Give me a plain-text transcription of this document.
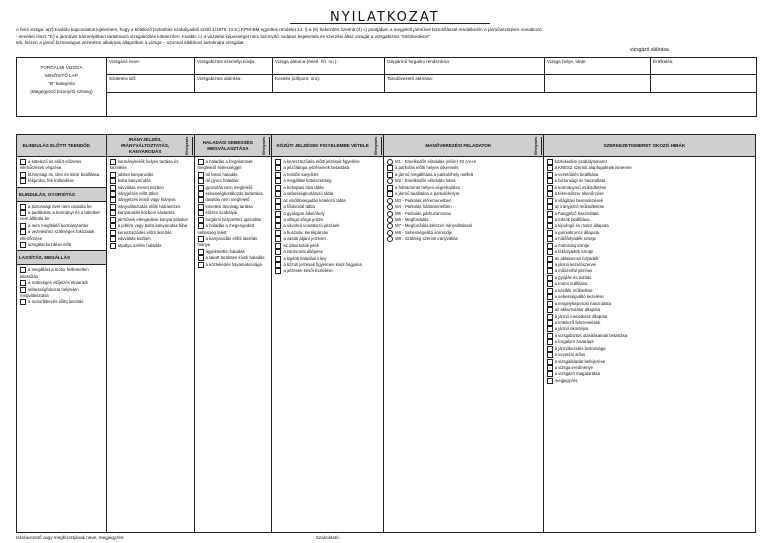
NYILATKOZAT
A fenti vizsga. a(z) további kapcsolatos kijelentem, hogy a kötelező biztosítás szabályaiból szóló 1/1975. (II.5.) KPM-BM együttes rendelet 14. §-a (5) bekezdés szerinti (4) c) pontjában a megjelölt járművel biztosítással rendelkezik. A járművezetésre vonatkozó
- elméleti részt: "E) a járművet bármelyikben tartalmazó vizsgaközlés kötelezően, tovább. c) a vezetési képességet nem bizonyító: tudatos bejelentés és szerzési által: vizsgát a vizsgabiztos "intézkedésre"
tek, hiszen a jármű biztonságos vezetésre alkalmas állapotban a vizsga – azonnal általános tartalmára vizsgálat
vizsgázó aláírása
FORGALMI VIZSGA
MINŐSÍTŐ LAP
"B" kategória
(Megegyező bizonyító szöveg)	Vizsgázó neve:	Vizsgabiztos személyi kódja:	Vizsga dátuma (éééé. hh. nn.):	Gépjármű forgalmi rendszáma:	Vizsga helye, ideje:	Értékelés:
	Születési idő:	Vizsgabiztos aláírása:	Kezdés (időpont, óra):	Tanulóvezető aláírása:		

ELINDULÁS ELŐTTI TEENDŐK
a kötelező és előírt előzetes ellenőrzések végzése
biztonsági öv, ülés és tükör beállítása
fékpróba, fék működése
ELINDULÁS, GYORSÍTÁS
a biztonsági övet nem csatolta be
a pedálokat, a kormányt és a tükröket nem állította be
a nem megfelelő kormánytartás
a vezetéshez szükséges fokozatok ellenőrzése
vizsgálat kezdése előtt
LASSÍTÁS, MEGÁLLÁS
a megállást a motor kellemetlen lelassítás
a szükséges előjelzés elmaradt
sebességfokozat helytelen megválasztása
a motorfékezés előtti lassítás
IRÁNYJELZÉS, IRÁNYVÁLTOZTATÁS, KANYARODÁS	Elhelyezés
kormánykerék helyes tartása és kezelése
jobbra kanyarodás
balra kanyarodás
sávváltás menet közben
irányjelzés előtt tükör
irányjelzés késői vagy hiányos
irányváltoztatás előtti hátranézés
kanyarodás közbeni sávtartás
járművek elengedése kanyarodáskor
a jobbra vagy balra kanyarodás hiba
kereszteződés előtti lassítás
sávváltás közben
útpálya szélén haladás
HALADÁSI SEBESSÉG MEGVÁLASZTÁSA	Elhelyezés
a haladás a forgalomnak megfelelő sebességgel
túl lassú haladás
túl gyors haladás
gyorsítás nem megfelelő
sebességkorlátozás betartása
lassítás nem megfelelő
követési távolság tartása
előzés szabályai
forgalmi helyzethez igazodás
a haladás a megengedett sebesség felett
a kanyarodás előtti lassítás hiánya
figyelmetlen haladás
a lakott területen kívüli haladás
a közlekedés folyamatossága
KÖZÚTI JELZÉSEK FIGYELEMBE VÉTELE Elhelyezés
a kereszteződés előtti jelzések figyelése
a jelzőlámpa jelzéseinek betartása
a rendőri karjelzés
a megállási kötelezettség
a behajtani tilos tábla
a sebességkorlátozó tábla
az elsőbbségadás kötelező tábla
a főútvonal tábla
a gyalogos átkelőhely
a villogó sárga jelzés
a sávokra vonatkozó jelzések
a buszsáv, kerékpársáv
a vasúti átjáró jelzései
az útburkolati jelek
a záróvonal átlépése
a kijelölt haladási irány
a közúti jelzések figyelmen kívül hagyása
a jelzések késői észlelése
MANŐVEREZÉSI FELADATOK	Elhelyezés
M1 - Emelkedőn elindulás (előre) 40 cm-re
a parkolás előtti helyes útkeresés
a jármű megállítása a parkolóhely mellett
M2 - Emelkedőn elindulás hátra
a hátramenet helyes végrehajtása
a jármű beállítása a parkolóhelyre
M3 - Parkolás előremenetben
M4 - Parkolás hátramenetben
M5 - Parkolás párhuzamosan
M6 - Megfordulás
M7 - Megfordulás kétszeri irányváltással
M8 - Sebességváltó sorrendje
M9 - Szükség szerinti irányváltás
SZERKEZETISMERET OKOZÓ HIBÁK
közlekedési szabályismeret
a KRESZ szerinti alapfogalmak ismerete
a vezetőülés beállítása
a biztonsági öv használata
a kormánymű működtetése
a fékrendszer ellenőrzése
a világítási berendezések
az irányjelző működtetése
a hangjelző használata
a tükrök beállítása
a kipufogó és motor állapota
a gumiabroncs állapota
a hűtőfolyadék szintje
a motorolaj szintje
a fékfolyadék szintje
az ablakmosó folyadék
a jármű kezelőszervei
a műszerfal jelzései
a gyújtás és indítás
a motor leállítása
a kézifék működése
a sebességváltó kezelése
a tengelykapcsoló használata
az akkumulátor állapota
a jármű menetkész állapota
a kötelező felszerelések
a jármű okmányai
a vizsgabiztos utasításainak betartása
a forgalom zavarása
a járműkezelés biztonsága
a vezetési stílus
a vizsgafeladat befejezése
a vizsga eredménye
a vizsgázó magatartása
megjegyzés
Iskolavezető vagy megbízottjának neve, megjegyzés:	Szakoktató:
